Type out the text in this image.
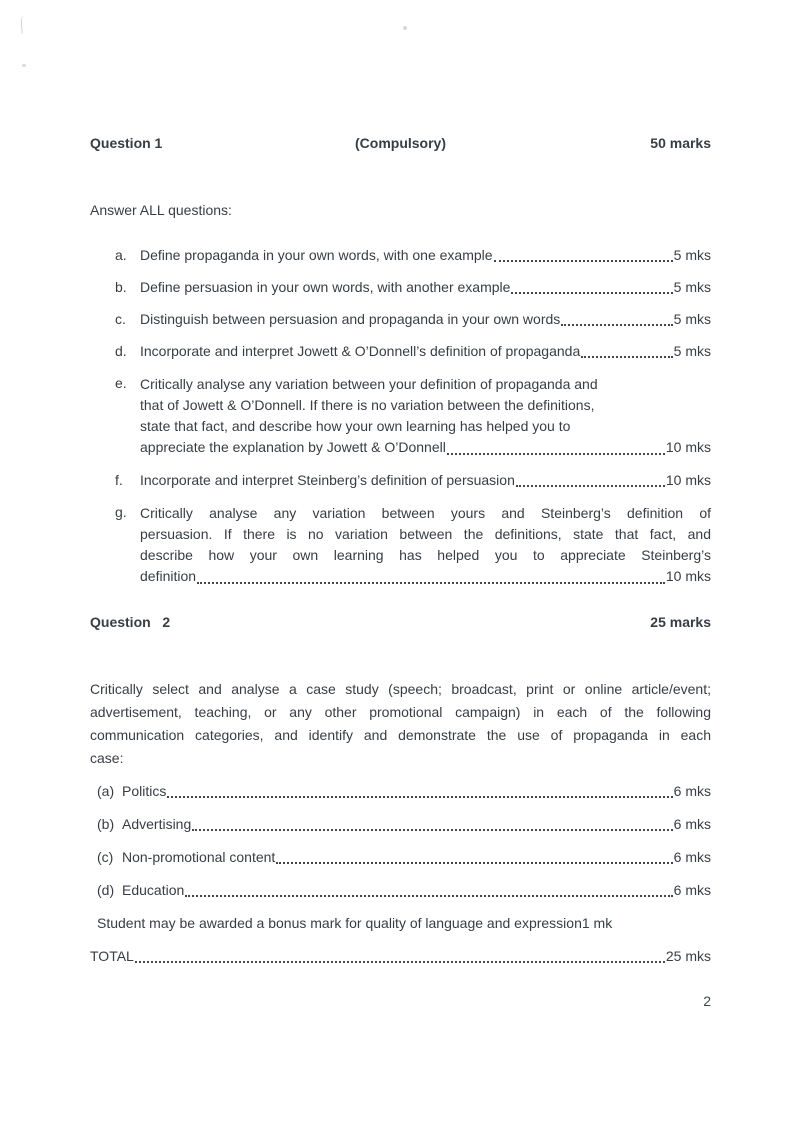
Question 1	(Compulsory)	50 marks
Answer ALL questions:
a. Define propaganda in your own words, with one example	5 mks
b. Define persuasion in your own words, with another example	5 mks
c.	Distinguish between persuasion and propaganda in your own words	5 mks
d. Incorporate and interpret Jowett & O’Donnell’s definition of propaganda	5 mks
e. Critically analyse any variation between your definition of propaganda and
that of Jowett & O’Donnell. If there is no variation between the definitions,
state that fact, and describe how your own learning has helped you to
appreciate the explanation by Jowett & O’Donnell	10 mks
f.	Incorporate and interpret Steinberg’s definition of persuasion	10 mks
g. Critically analyse any variation between yours and Steinberg’s definition of
persuasion. If there is no variation between the definitions, state that fact, and
describe how your own learning has helped you to appreciate Steinberg’s
definition	10 mks
Question   2	25 marks
Critically select and analyse a case study (speech; broadcast, print or online article/event;
advertisement, teaching, or any other promotional campaign) in each of the following
communication categories, and identify and demonstrate the use of propaganda in each
case:
(a) Politics	6 mks
(b) Advertising	6 mks
(c) Non-promotional content	6 mks
(d) Education	6 mks
Student may be awarded a bonus mark for quality of language and expression1 mk
TOTAL	25 mks
2
